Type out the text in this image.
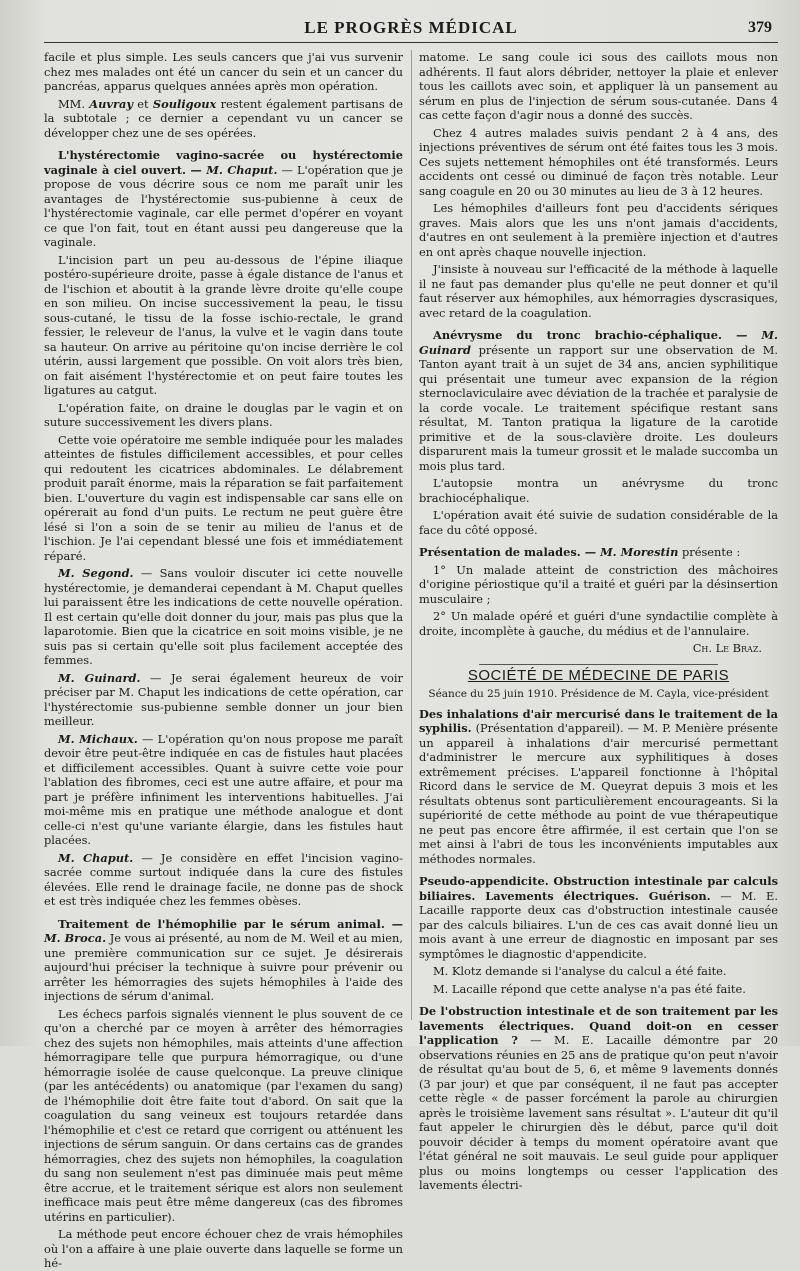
LE PROGRÈS MÉDICAL	379

facile et plus simple. Les seuls cancers que j'ai vus survenir chez mes malades ont été un cancer du sein et un cancer du pancréas, apparus quelques années après mon opération.

MM. Auvray et Souligoux restent également partisans de la subtotale ; ce dernier a cependant vu un cancer se développer chez une de ses opérées.

L'hystérectomie vagino-sacrée ou hystérectomie vaginale à ciel ouvert. — M. Chaput. — L'opération que je propose de vous décrire sous ce nom me paraît unir les avantages de l'hystérectomie sus-pubienne à ceux de l'hystérectomie vaginale, car elle permet d'opérer en voyant ce que l'on fait, tout en étant aussi peu dangereuse que la vaginale.

L'incision part un peu au-dessous de l'épine iliaque postéro-supérieure droite, passe à égale distance de l'anus et de l'ischion et aboutit à la grande lèvre droite qu'elle coupe en son milieu. On incise successivement la peau, le tissu sous-cutané, le tissu de la fosse ischio-rectale, le grand fessier, le releveur de l'anus, la vulve et le vagin dans toute sa hauteur. On arrive au péritoine qu'on incise derrière le col utérin, aussi largement que possible. On voit alors très bien, on fait aisément l'hystérectomie et on peut faire toutes les ligatures au catgut.

L'opération faite, on draine le douglas par le vagin et on suture successivement les divers plans.

Cette voie opératoire me semble indiquée pour les malades atteintes de fistules difficilement accessibles, et pour celles qui redoutent les cicatrices abdominales. Le délabrement produit paraît énorme, mais la réparation se fait parfaitement bien. L'ouverture du vagin est indispensable car sans elle on opérerait au fond d'un puits. Le rectum ne peut guère être lésé si l'on a soin de se tenir au milieu de l'anus et de l'ischion. Je l'ai cependant blessé une fois et immédiatement réparé.

M. Segond. — Sans vouloir discuter ici cette nouvelle hystérectomie, je demanderai cependant à M. Chaput quelles lui paraissent être les indications de cette nouvelle opération. Il est certain qu'elle doit donner du jour, mais pas plus que la laparotomie. Bien que la cicatrice en soit moins visible, je ne suis pas si certain qu'elle soit plus facilement acceptée des femmes.

M. Guinard. — Je serai également heureux de voir préciser par M. Chaput les indications de cette opération, car l'hystérectomie sus-pubienne semble donner un jour bien meilleur.

M. Michaux. — L'opération qu'on nous propose me paraît devoir être peut-être indiquée en cas de fistules haut placées et difficilement accessibles. Quant à suivre cette voie pour l'ablation des fibromes, ceci est une autre affaire, et pour ma part je préfère infiniment les interventions habituelles. J'ai moi-même mis en pratique une méthode analogue et dont celle-ci n'est qu'une variante élargie, dans les fistules haut placées.

M. Chaput. — Je considère en effet l'incision vagino-sacrée comme surtout indiquée dans la cure des fistules élevées. Elle rend le drainage facile, ne donne pas de shock et est très indiquée chez les femmes obèses.

Traitement de l'hémophilie par le sérum animal. — M. Broca. Je vous ai présenté, au nom de M. Weil et au mien, une première communication sur ce sujet. Je désirerais aujourd'hui préciser la technique à suivre pour prévenir ou arrêter les hémorragies des sujets hémophiles à l'aide des injections de sérum d'animal.

Les échecs parfois signalés viennent le plus souvent de ce qu'on a cherché par ce moyen à arrêter des hémorragies chez des sujets non hémophiles, mais atteints d'une affection hémorragipare telle que purpura hémorragique, ou d'une hémorragie isolée de cause quelconque. La preuve clinique (par les antécédents) ou anatomique (par l'examen du sang) de l'hémophilie doit être faite tout d'abord. On sait que la coagulation du sang veineux est toujours retardée dans l'hémophilie et c'est ce retard que corrigent ou atténuent les injections de sérum sanguin. Or dans certains cas de grandes hémorragies, chez des sujets non hémophiles, la coagulation du sang non seulement n'est pas diminuée mais peut même être accrue, et le traitement sérique est alors non seulement inefficace mais peut être même dangereux (cas des fibromes utérins en particulier).

La méthode peut encore échouer chez de vrais hémophiles où l'on a affaire à une plaie ouverte dans laquelle se forme un hé-

matome. Le sang coule ici sous des caillots mous non adhérents. Il faut alors débrider, nettoyer la plaie et enlever tous les caillots avec soin, et appliquer là un pansement au sérum en plus de l'injection de sérum sous-cutanée. Dans 4 cas cette façon d'agir nous a donné des succès.

Chez 4 autres malades suivis pendant 2 à 4 ans, des injections préventives de sérum ont été faites tous les 3 mois. Ces sujets nettement hémophiles ont été transformés. Leurs accidents ont cessé ou diminué de façon très notable. Leur sang coagule en 20 ou 30 minutes au lieu de 3 à 12 heures.

Les hémophiles d'ailleurs font peu d'accidents sériques graves. Mais alors que les uns n'ont jamais d'accidents, d'autres en ont seulement à la première injection et d'autres en ont après chaque nouvelle injection.

J'insiste à nouveau sur l'efficacité de la méthode à laquelle il ne faut pas demander plus qu'elle ne peut donner et qu'il faut réserver aux hémophiles, aux hémorragies dyscrasiques, avec retard de la coagulation.

Anévrysme du tronc brachio-céphalique. — M. Guinard présente un rapport sur une observation de M. Tanton ayant trait à un sujet de 34 ans, ancien syphilitique qui présentait une tumeur avec expansion de la région sternoclaviculaire avec déviation de la trachée et paralysie de la corde vocale. Le traitement spécifique restant sans résultat, M. Tanton pratiqua la ligature de la carotide primitive et de la sous-clavière droite. Les douleurs disparurent mais la tumeur grossit et le malade succomba un mois plus tard.

L'autopsie montra un anévrysme du tronc brachiocéphalique.

L'opération avait été suivie de sudation considérable de la face du côté opposé.

Présentation de malades. — M. Morestin présente :

1° Un malade atteint de constriction des mâchoires d'origine périostique qu'il a traité et guéri par la désinsertion musculaire ;

2° Un malade opéré et guéri d'une syndactilie complète à droite, incomplète à gauche, du médius et de l'annulaire.

Ch. Le Braz.
SOCIÉTÉ DE MÉDECINE DE PARIS
Séance du 25 juin 1910. Présidence de M. Cayla, vice-président

Des inhalations d'air mercurisé dans le traitement de la syphilis. (Présentation d'appareil). — M. P. Menière présente un appareil à inhalations d'air mercurisé permettant d'administrer le mercure aux syphilitiques à doses extrêmement précises. L'appareil fonctionne à l'hôpital Ricord dans le service de M. Queyrat depuis 3 mois et les résultats obtenus sont particulièrement encourageants. Si la supériorité de cette méthode au point de vue thérapeutique ne peut pas encore être affirmée, il est certain que l'on se met ainsi à l'abri de tous les inconvénients imputables aux méthodes normales.

Pseudo-appendicite. Obstruction intestinale par calculs biliaires. Lavements électriques. Guérison. — M. E. Lacaille rapporte deux cas d'obstruction intestinale causée par des calculs biliaires. L'un de ces cas avait donné lieu un mois avant à une erreur de diagnostic en imposant par ses symptômes le diagnostic d'appendicite.

M. Klotz demande si l'analyse du calcul a été faite.

M. Lacaille répond que cette analyse n'a pas été faite.

De l'obstruction intestinale et de son traitement par les lavements électriques. Quand doit-on en cesser l'application ? — M. E. Lacaille démontre par 20 observations réunies en 25 ans de pratique qu'on peut n'avoir de résultat qu'au bout de 5, 6, et même 9 lavements donnés (3 par jour) et que par conséquent, il ne faut pas accepter cette règle « de passer forcément la parole au chirurgien après le troisième lavement sans résultat ». L'auteur dit qu'il faut appeler le chirurgien dès le début, parce qu'il doit pouvoir décider à temps du moment opératoire avant que l'état général ne soit mauvais. Le seul guide pour appliquer plus ou moins longtemps ou cesser l'application des lavements électri-
